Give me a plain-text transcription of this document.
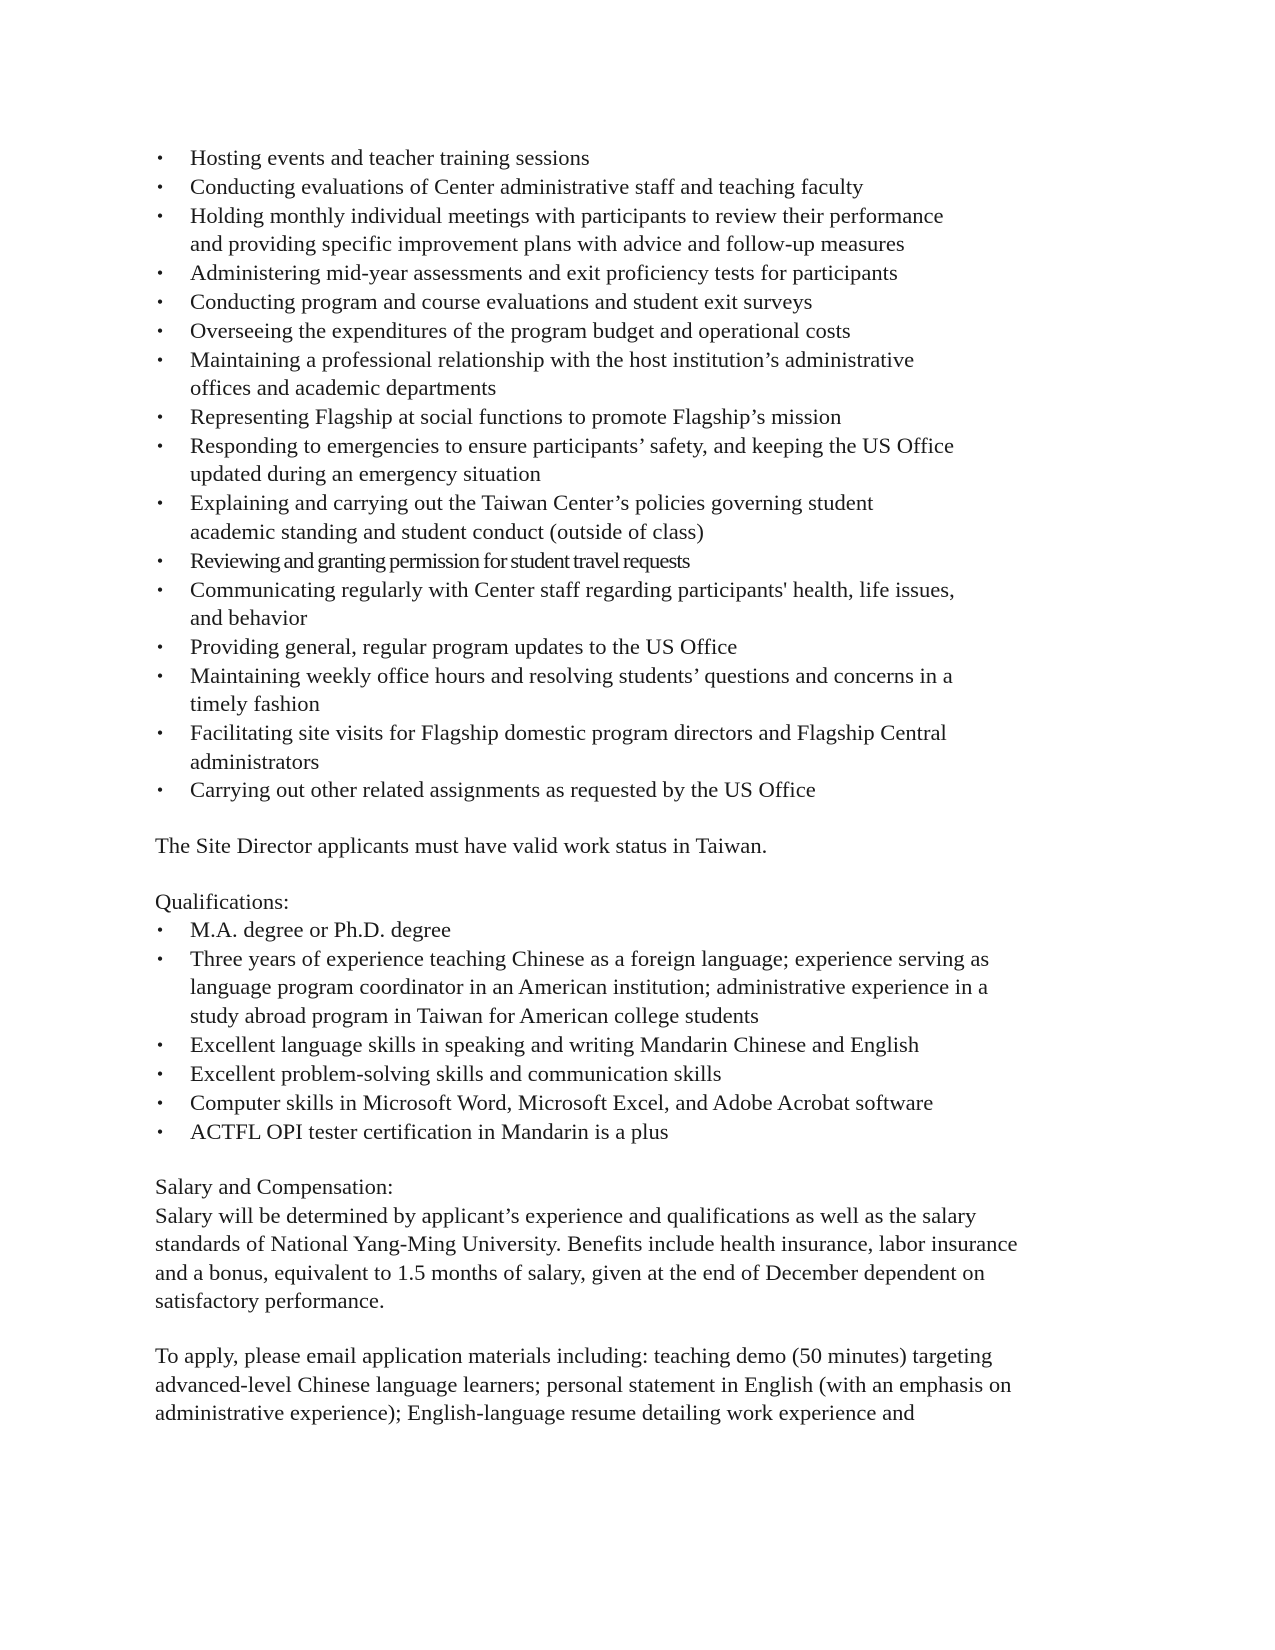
• Hosting events and teacher training sessions
• Conducting evaluations of Center administrative staff and teaching faculty
• Holding monthly individual meetings with participants to review their performance
and providing specific improvement plans with advice and follow-up measures
• Administering mid-year assessments and exit proficiency tests for participants
• Conducting program and course evaluations and student exit surveys
• Overseeing the expenditures of the program budget and operational costs
• Maintaining a professional relationship with the host institution’s administrative
offices and academic departments
• Representing Flagship at social functions to promote Flagship’s mission
• Responding to emergencies to ensure participants’ safety, and keeping the US Office
updated during an emergency situation
• Explaining and carrying out the Taiwan Center’s policies governing student
academic standing and student conduct (outside of class)
• Reviewing and granting permission for student travel requests
• Communicating regularly with Center staff regarding participants' health, life issues,
and behavior
• Providing general, regular program updates to the US Office
• Maintaining weekly office hours and resolving students’ questions and concerns in a
timely fashion
• Facilitating site visits for Flagship domestic program directors and Flagship Central
administrators
• Carrying out other related assignments as requested by the US Office

The Site Director applicants must have valid work status in Taiwan.

Qualifications:

• M.A. degree or Ph.D. degree
• Three years of experience teaching Chinese as a foreign language; experience serving as
language program coordinator in an American institution; administrative experience in a
study abroad program in Taiwan for American college students
• Excellent language skills in speaking and writing Mandarin Chinese and English
• Excellent problem-solving skills and communication skills
• Computer skills in Microsoft Word, Microsoft Excel, and Adobe Acrobat software
• ACTFL OPI tester certification in Mandarin is a plus

Salary and Compensation:

Salary will be determined by applicant’s experience and qualifications as well as the salary
standards of National Yang-Ming University. Benefits include health insurance, labor insurance
and a bonus, equivalent to 1.5 months of salary, given at the end of December dependent on
satisfactory performance.

To apply, please email application materials including: teaching demo (50 minutes) targeting
advanced-level Chinese language learners; personal statement in English (with an emphasis on
administrative experience); English-language resume detailing work experience and
